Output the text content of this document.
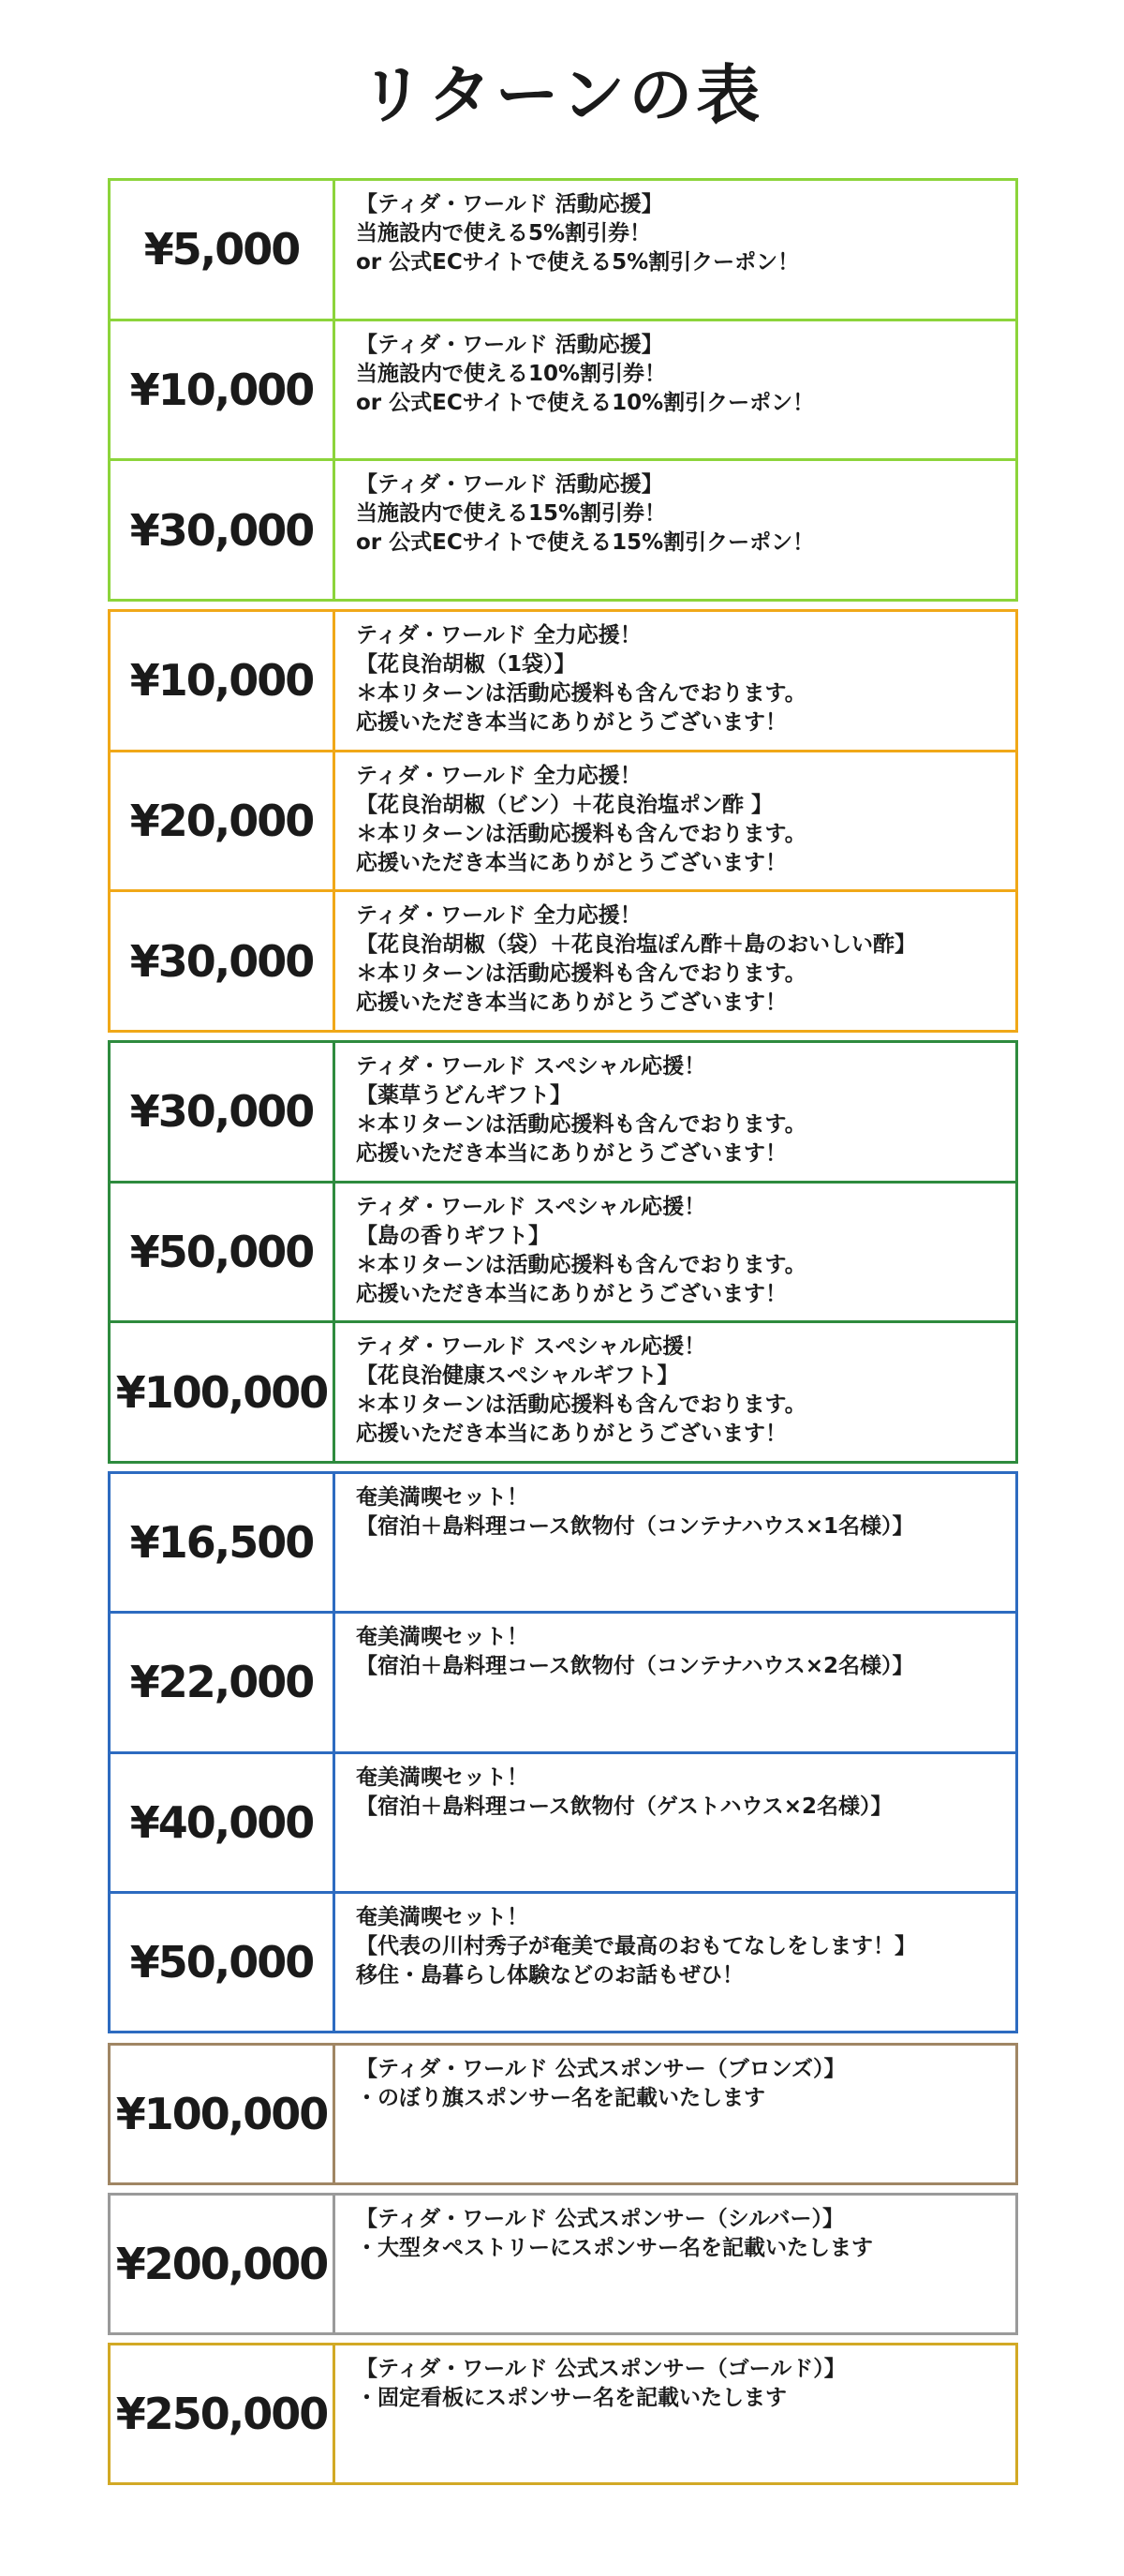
リターンの表
¥5,000
【ティダ・ワールド 活動応援】
当施設内で使える5%割引券！
or 公式ECサイトで使える5%割引クーポン！
¥10,000
【ティダ・ワールド 活動応援】
当施設内で使える10%割引券！
or 公式ECサイトで使える10%割引クーポン！
¥30,000
【ティダ・ワールド 活動応援】
当施設内で使える15%割引券！
or 公式ECサイトで使える15%割引クーポン！
¥10,000
ティダ・ワールド 全力応援！
【花良治胡椒（1袋）】
＊本リターンは活動応援料も含んでおります。
応援いただき本当にありがとうございます！
¥20,000
ティダ・ワールド 全力応援！
【花良治胡椒（ビン）＋花良治塩ポン酢 】
＊本リターンは活動応援料も含んでおります。
応援いただき本当にありがとうございます！
¥30,000
ティダ・ワールド 全力応援！
【花良治胡椒（袋）＋花良治塩ぽん酢＋島のおいしい酢】
＊本リターンは活動応援料も含んでおります。
応援いただき本当にありがとうございます！
¥30,000
ティダ・ワールド スペシャル応援！
【薬草うどんギフト】
＊本リターンは活動応援料も含んでおります。
応援いただき本当にありがとうございます！
¥50,000
ティダ・ワールド スペシャル応援！
【島の香りギフト】
＊本リターンは活動応援料も含んでおります。
応援いただき本当にありがとうございます！
¥100,000
ティダ・ワールド スペシャル応援！
【花良治健康スペシャルギフト】
＊本リターンは活動応援料も含んでおります。
応援いただき本当にありがとうございます！
¥16,500
奄美満喫セット！
【宿泊＋島料理コース飲物付（コンテナハウス×1名様）】
¥22,000
奄美満喫セット！
【宿泊＋島料理コース飲物付（コンテナハウス×2名様）】
¥40,000
奄美満喫セット！
【宿泊＋島料理コース飲物付（ゲストハウス×2名様）】
¥50,000
奄美満喫セット！
【代表の川村秀子が奄美で最高のおもてなしをします！】
移住・島暮らし体験などのお話もぜひ！
¥100,000
【ティダ・ワールド 公式スポンサー（ブロンズ）】
・のぼり旗スポンサー名を記載いたします
¥200,000
【ティダ・ワールド 公式スポンサー（シルバー）】
・大型タペストリーにスポンサー名を記載いたします
¥250,000
【ティダ・ワールド 公式スポンサー（ゴールド）】
・固定看板にスポンサー名を記載いたします
